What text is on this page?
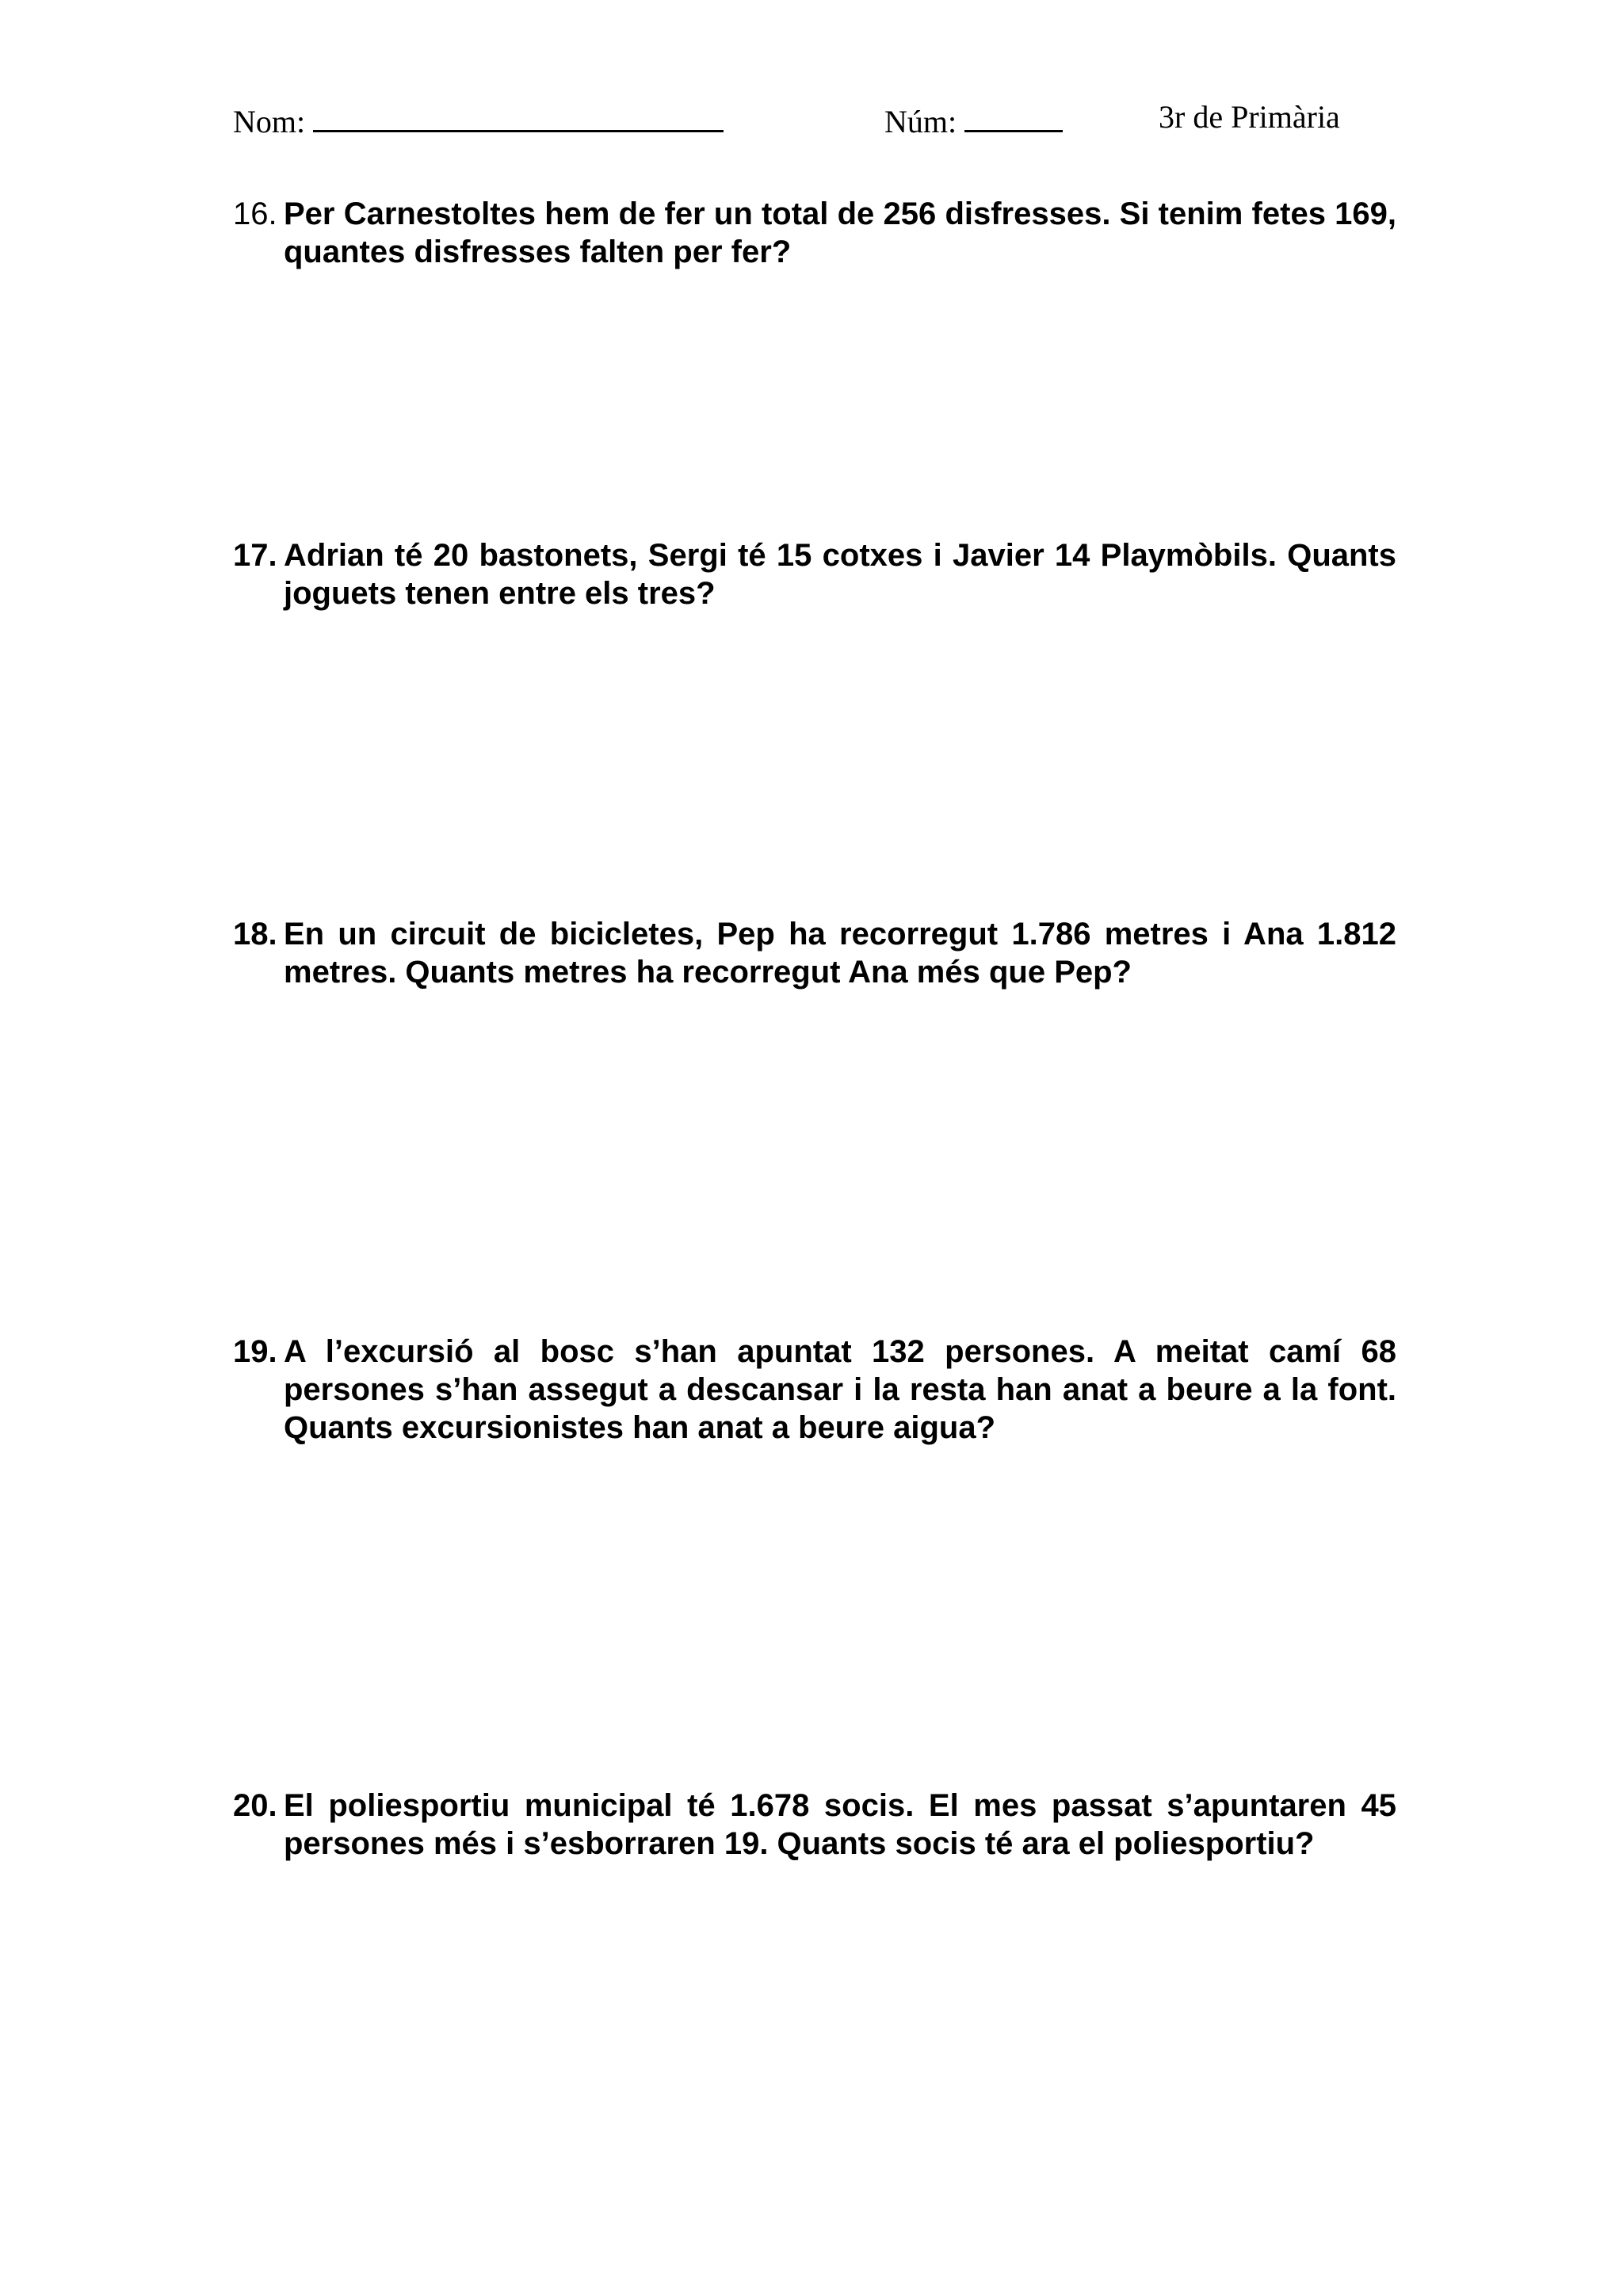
Nom:	Núm:	3r de Primària
16. Per Carnestoltes hem de fer un total de 256 disfresses. Si tenim fetes 169, quantes disfresses falten per fer?
17. Adrian té 20 bastonets, Sergi té 15 cotxes i Javier 14 Playmòbils. Quants joguets tenen entre els tres?
18. En un circuit de bicicletes, Pep ha recorregut 1.786 metres i Ana 1.812 metres. Quants metres ha recorregut Ana més que Pep?
19. A l’excursió al bosc s’han apuntat 132 persones. A meitat camí 68 persones s’han assegut a descansar i la resta han anat a beure a la font. Quants excursionistes han anat a beure aigua?
20. El poliesportiu municipal té 1.678 socis. El mes passat s’apuntaren 45 persones més i s’esborraren 19. Quants socis té ara el poliesportiu?
